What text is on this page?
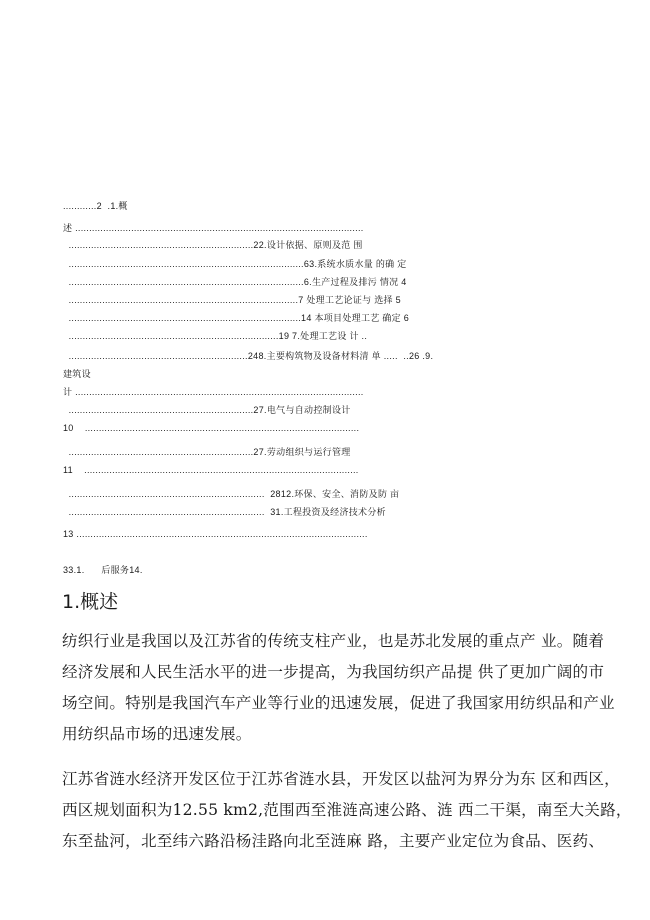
............2  .1.概
述 .......................................................................................................
..................................................................22.设计依据、原则及范 围
....................................................................................63.系统水质水量 的确 定
....................................................................................6.生产过程及排污 情况 4
..................................................................................7 处理工艺论证与 选择 5
...................................................................................14 本项目处理工艺 确定 6
...........................................................................19 7.处理工艺设 计 ..
................................................................248.主要构筑物及设备材料清 单 .....  ..26 .9.
建筑设
计 .......................................................................................................
..................................................................27.电气与自动控制设计
10    ..................................................................................................
..................................................................27.劳动组织与运行管理
11    ..................................................................................................
......................................................................  2812.环保、安全、消防及防 亩
......................................................................  31.工程投资及经济技术分析
13 ........................................................................................................
33.1.      后服务14.
1.概述
纺织行业是我国以及江苏省的传统支柱产业，也是苏北发展的重点产 业。随着
经济发展和人民生活水平的进一步提高，为我国纺织产品提 供了更加广阔的市
场空间。特别是我国汽车产业等行业的迅速发展，促进了我国家用纺织品和产业
用纺织品市场的迅速发展。
江苏省涟水经济开发区位于江苏省涟水县，开发区以盐河为界分为东 区和西区，
西区规划面积为12.55 km2,范围西至淮涟高速公路、涟 西二干渠，南至大关路，
东至盐河，北至纬六路沿杨洼路向北至涟麻 路，主要产业定位为食品、医药、
